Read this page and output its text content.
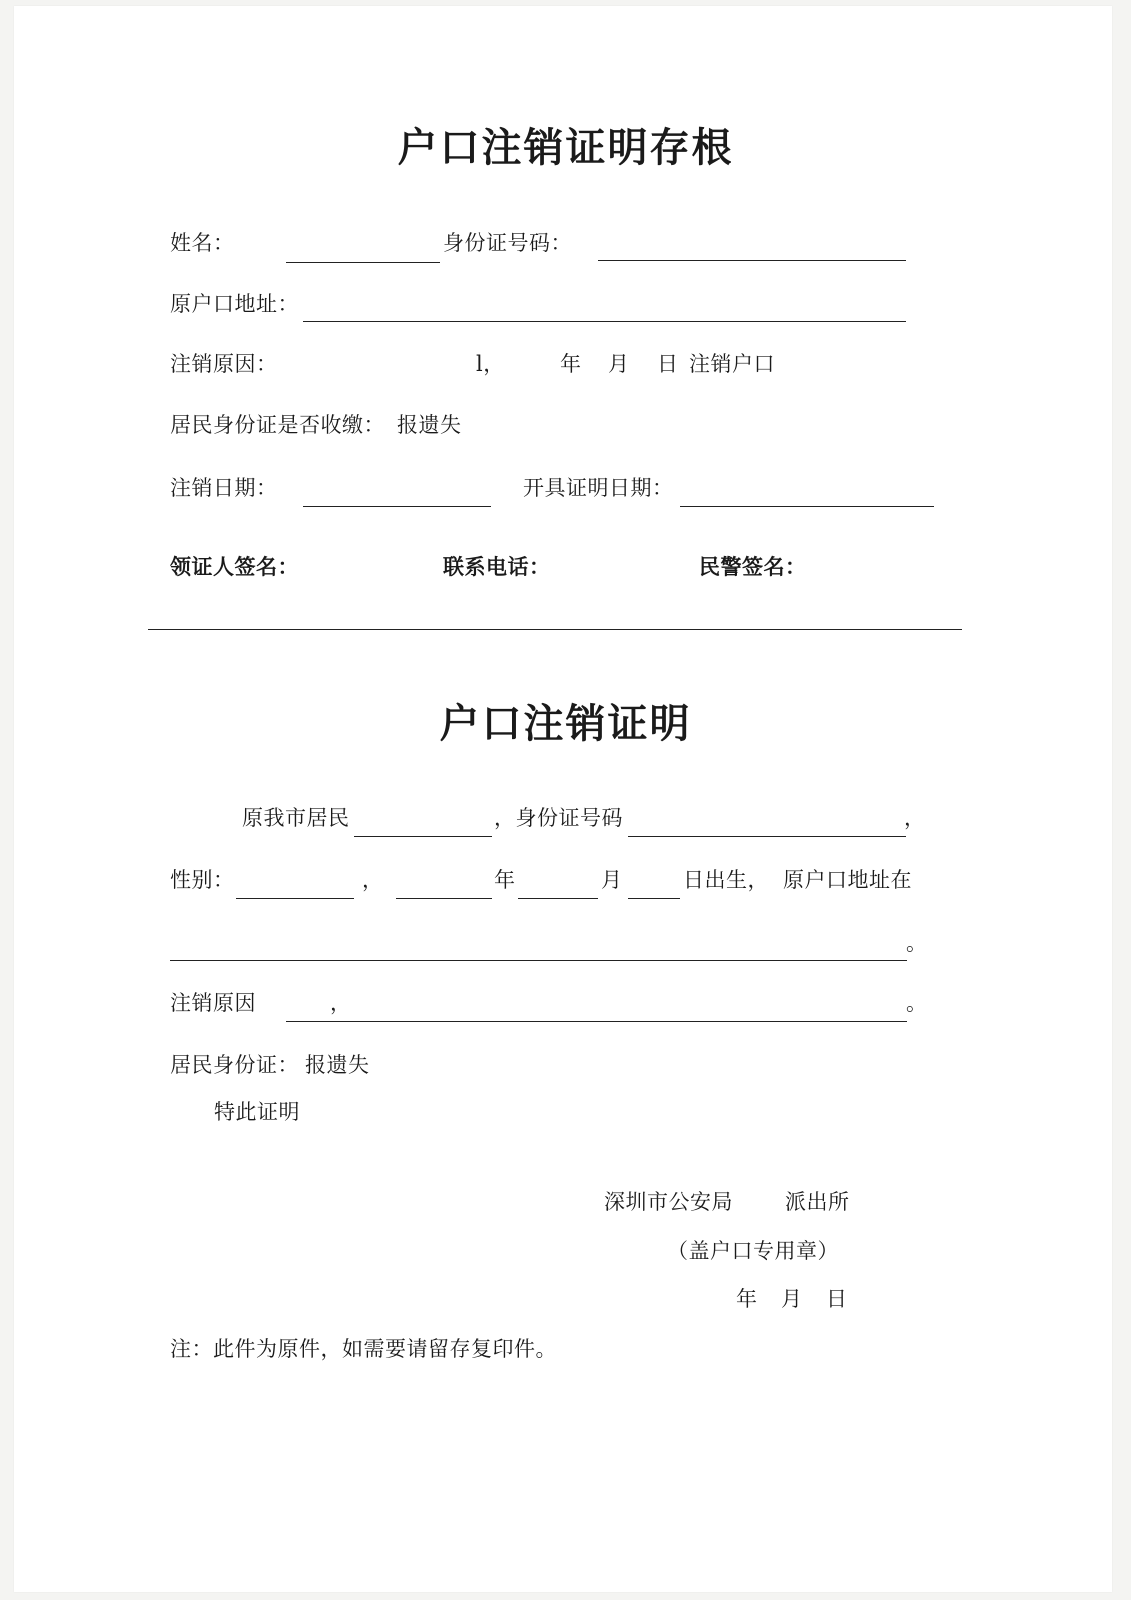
户口注销证明存根
姓名：	身份证号码：
原户口地址：
注销原因：	l，	年 月 日 注销户口
居民身份证是否收缴： 报遗失
注销日期：	开具证明日期：
领证人签名：	联系电话：	民警签名：
户口注销证明
原我市居民	，身份证号码	，
性别：	，	年	月	日出生， 原户口地址在
。
注销原因	，	。
居民身份证： 报遗失
特此证明
深圳市公安局 派出所
（盖户口专用章）
年 月 日
注：此件为原件，如需要请留存复印件。
